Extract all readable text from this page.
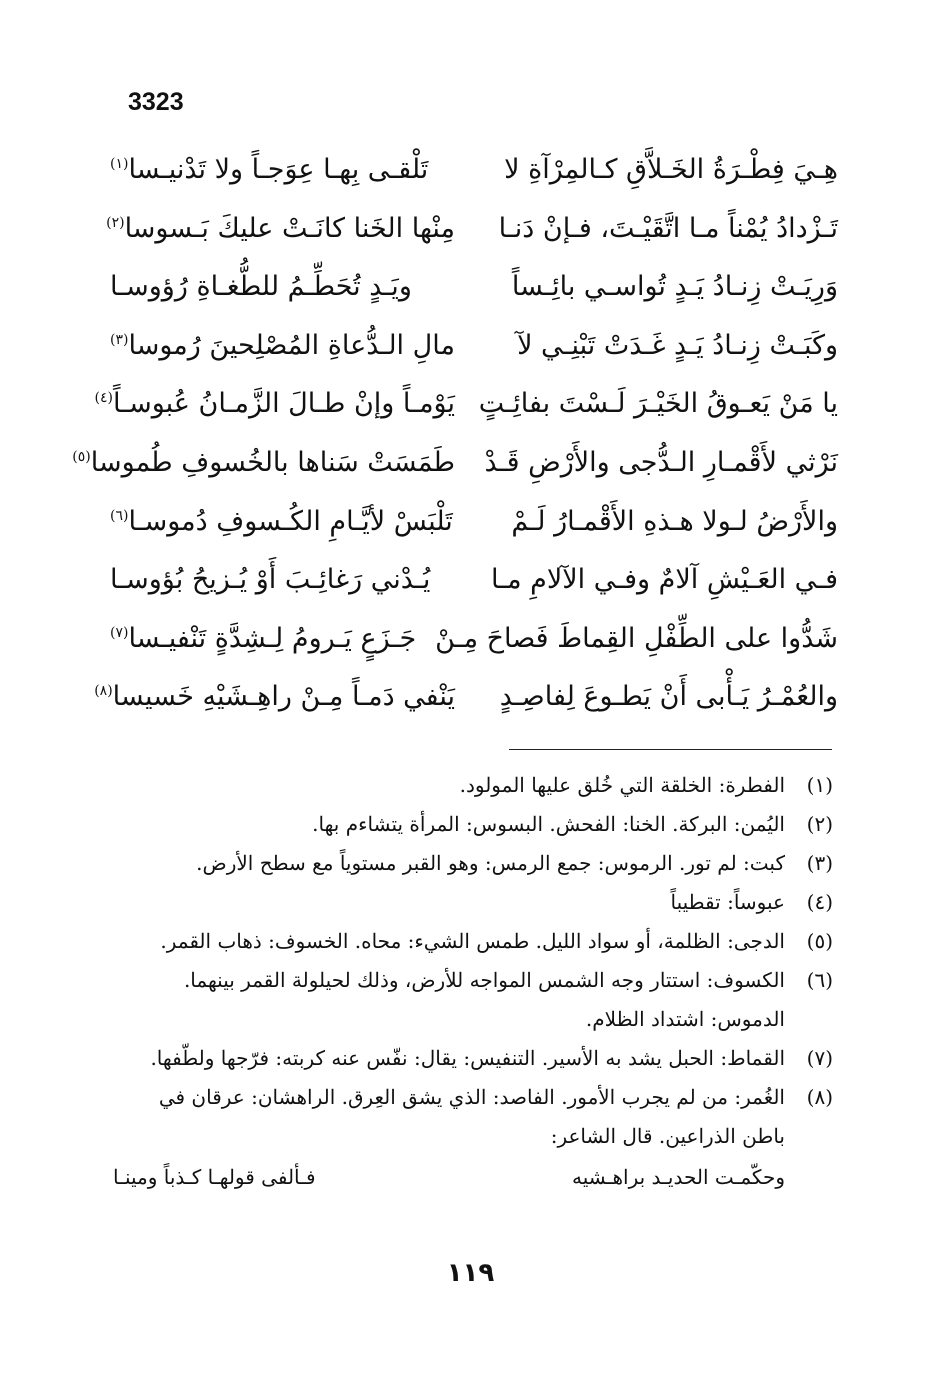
3323
هِـيَ فِطْـرَةُ الخَـلاَّقِ كـالمِرْآةِ لا
تَلْقـى بِهـا عِوَجـاً ولا تَدْنيـسا$^{(١)}$
تَـزْدادُ يُمْناً مـا اتَّقَيْـتَ، فـإنْ دَنـا
مِنْها الخَنا كانَـتْ عليكَ بَـسوسا$^{(٢)}$
وَرِيَـتْ زِنـادُ يَـدٍ تُواسـي بائِـساً
ويَـدٍ تُحَطِّـمُ للطُّغـاةِ رُؤوسـا
وكَبَـتْ زِنـادُ يَـدٍ غَـدَتْ تَبْنِـي لآ
مالِ الـدُّعاةِ المُصْلِحينَ رُموسا$^{(٣)}$
يا مَنْ يَعـوقُ الخَيْـرَ لَـسْتَ بفائِـتٍ
يَوْمـاً وإنْ طـالَ الزَّمـانُ عُبوسـاً$^{(٤)}$
نَرْثي لأَقْمـارِ الـدُّجى والأَرْضِ قَـدْ
طَمَسَتْ سَناها بالخُسوفِ طُموسا$^{(٥)}$
والأَرْضُ لـولا هـذهِ الأَقْمـارُ لَـمْ
تَلْبَسْ لأيَّـامِ الكُـسوفِ دُموسـا$^{(٦)}$
فـي العَـيْشِ آلامٌ وفـي الآلامِ مـا
يُـدْني رَغائِـبَ أَوْ يُـزيحُ بُؤوسـا
شَدُّوا على الطِّفْلِ القِماطَ فَصاحَ مِـنْ
جَـزَعٍ يَـرومُ لِـشِدَّةٍ تَنْفيـسا$^{(٧)}$
والعُمْـرُ يَـأْبى أَنْ يَطـوعَ لِفاصِـدٍ
يَنْفي دَمـاً مِـنْ راهِـشَيْهِ خَسيسا$^{(٨)}$
(١)
الفطرة: الخلقة التي خُلق عليها المولود.
(٢)
اليُمن: البركة. الخنا: الفحش. البسوس: المرأة يتشاءم بها.
(٣)
كبت: لم تور. الرموس: جمع الرمس: وهو القبر مستوياً مع سطح الأرض.
(٤)
عبوساً: تقطيباً
(٥)
الدجى: الظلمة، أو سواد الليل. طمس الشيء: محاه. الخسوف: ذهاب القمر.
(٦)
الكسوف: استتار وجه الشمس المواجه للأرض، وذلك لحيلولة القمر بينهما.
الدموس: اشتداد الظلام.
(٧)
القماط: الحبل يشد به الأسير. التنفيس: يقال: نفّس عنه كربته: فرّجها ولطّفها.
(٨)
الغُمر: من لم يجرب الأمور. الفاصد: الذي يشق العِرق. الراهشان: عرقان في
باطن الذراعين. قال الشاعر:
وحكّمـت الحديـد براهـشيه
فـألفى قولهـا كـذباً ومينـا
١١٩
